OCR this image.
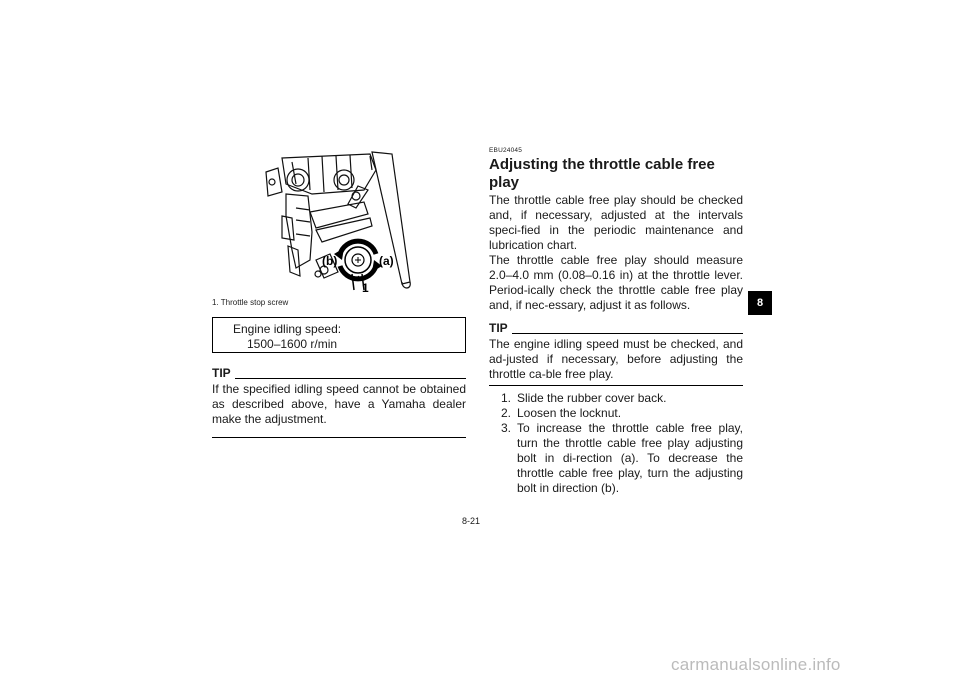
(b)	(a)
1
1. Throttle stop screw
Engine idling speed:
1500–1600 r/min
TIP
If the specified idling speed cannot be obtained as described above, have a Yamaha dealer make the adjustment.
EBU24045
Adjusting the throttle cable free play

The throttle cable free play should be checked and, if necessary, adjusted at the intervals speci-fied in the periodic maintenance and lubrication chart.

The throttle cable free play should measure 2.0–4.0 mm (0.08–0.16 in) at the throttle lever. Period-ically check the throttle cable free play and, if nec-essary, adjust it as follows.

TIP
The engine idling speed must be checked, and ad-justed if necessary, before adjusting the throttle ca-ble free play.
1. Slide the rubber cover back.
2. Loosen the locknut.
3. To increase the throttle cable free play, turn the throttle cable free play adjusting bolt in di-rection (a). To decrease the throttle cable free play, turn the adjusting bolt in direction (b).
8
8-21
carmanualsonline.info
